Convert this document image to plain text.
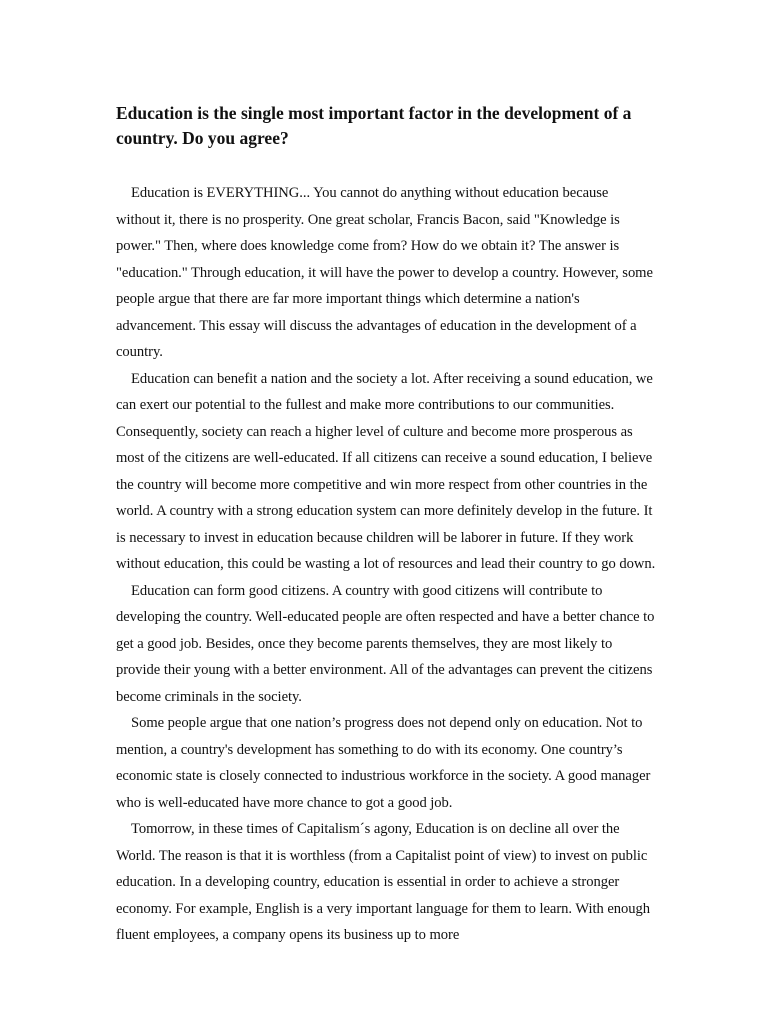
Education is the single most important factor in the development of a country. Do you agree?

Education is EVERYTHING... You cannot do anything without education because without it, there is no prosperity. One great scholar, Francis Bacon, said "Knowledge is power." Then, where does knowledge come from? How do we obtain it? The answer is "education." Through education, it will have the power to develop a country. However, some people argue that there are far more important things which determine a nation's advancement. This essay will discuss the advantages of education in the development of a country.

Education can benefit a nation and the society a lot. After receiving a sound education, we can exert our potential to the fullest and make more contributions to our communities. Consequently, society can reach a higher level of culture and become more prosperous as most of the citizens are well-educated. If all citizens can receive a sound education, I believe the country will become more competitive and win more respect from other countries in the world. A country with a strong education system can more definitely develop in the future. It is necessary to invest in education because children will be laborer in future. If they work without education, this could be wasting a lot of resources and lead their country to go down.

Education can form good citizens. A country with good citizens will contribute to developing the country. Well-educated people are often respected and have a better chance to get a good job. Besides, once they become parents themselves, they are most likely to provide their young with a better environment. All of the advantages can prevent the citizens become criminals in the society.

Some people argue that one nation’s progress does not depend only on education. Not to mention, a country's development has something to do with its economy. One country’s economic state is closely connected to industrious workforce in the society. A good manager who is well-educated have more chance to got a good job.

Tomorrow, in these times of Capitalism´s agony, Education is on decline all over the World. The reason is that it is worthless (from a Capitalist point of view) to invest on public education. In a developing country, education is essential in order to achieve a stronger economy. For example, English is a very important language for them to learn. With enough fluent employees, a company opens its business up to more
